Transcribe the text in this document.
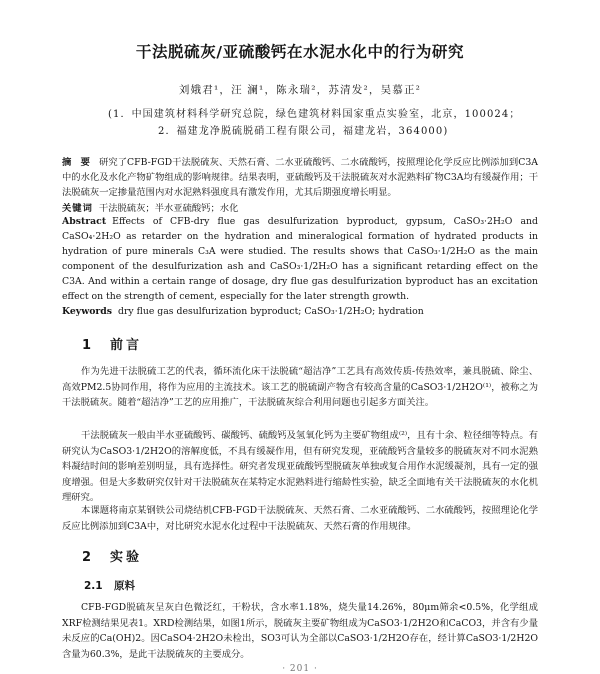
干法脱硫灰/亚硫酸钙在水泥水化中的行为研究
刘娥君¹，汪 澜¹，陈永瑞²，苏清发²，吴慕正²
(1．中国建筑材料科学研究总院，绿色建筑材料国家重点实验室，北京，100024；
2．福建龙净脱硫脱硝工程有限公司，福建龙岩，364000)

摘 要 研究了CFB-FGD干法脱硫灰、天然石膏、二水亚硫酸钙、二水硫酸钙，按照理论化学反应比例添加到C3A中的水化及水化产物矿物组成的影响规律。结果表明，亚硫酸钙及干法脱硫灰对水泥熟料矿物C3A均有缓凝作用；干法脱硫灰一定掺量范围内对水泥熟料强度具有激发作用，尤其后期强度增长明显。

关键词 干法脱硫灰；半水亚硫酸钙；水化

Abstract Effects of CFB-dry flue gas desulfurization byproduct, gypsum, CaSO₃·2H₂O and CaSO₄·2H₂O as retarder on the hydration and mineralogical formation of hydrated products in hydration of pure minerals C₃A were studied. The results shows that CaSO₃·1/2H₂O as the main component of the desulfurization ash and CaSO₃·1/2H₂O has a significant retarding effect on the C3A. And within a certain range of dosage, dry flue gas desulfurization byproduct has an excitation effect on the strength of cement, especially for the later strength growth.

Keywords dry flue gas desulfurization byproduct; CaSO₃·1/2H₂O; hydration
1 前言

作为先进干法脱硫工艺的代表，循环流化床干法脱硫“超洁净”工艺具有高效传质-传热效率，兼具脱硫、除尘、高效PM2.5协同作用，将作为应用的主流技术。该工艺的脱硫副产物含有较高含量的CaSO3·1/2H2O⁽¹⁾，被称之为干法脱硫灰。随着“超洁净”工艺的应用推广，干法脱硫灰综合利用问题也引起多方面关注。

干法脱硫灰一般由半水亚硫酸钙、碳酸钙、硫酸钙及氢氧化钙为主要矿物组成⁽²⁾，且有十余、粒径细等特点。有研究认为CaSO3·1/2H2O的溶解度低，不具有缓凝作用，但有研究发现，亚硫酸钙含量较多的脱硫灰对不同水泥熟料凝结时间的影响差别明显，具有选择性。研究者发现亚硫酸钙型脱硫灰单独或复合用作水泥缓凝剂，具有一定的强度增强。但是大多数研究仅针对干法脱硫灰在某特定水泥熟料进行缩龄性实验，缺乏全面地有关干法脱硫灰的水化机理研究。

本课题将南京某钢铁公司烧结机CFB-FGD干法脱硫灰、天然石膏、二水亚硫酸钙、二水硫酸钙，按照理论化学反应比例添加到C3A中，对比研究水泥水化过程中干法脱硫灰、天然石膏的作用规律。

2 实验
2.1 原料

CFB-FGD脱硫灰呈灰白色微泛红，干粉状，含水率1.18%，烧失量14.26%，80μm筛余<0.5%，化学组成XRF检测结果见表1。XRD检测结果，如图1所示，脱硫灰主要矿物组成为CaSO3·1/2H2O和CaCO3，并含有少量未反应的Ca(OH)2。因CaSO4·2H2O未检出，SO3可认为全部以CaSO3·1/2H2O存在，经计算CaSO3·1/2H2O含量为60.3%，是此干法脱硫灰的主要成分。

· 201 ·
